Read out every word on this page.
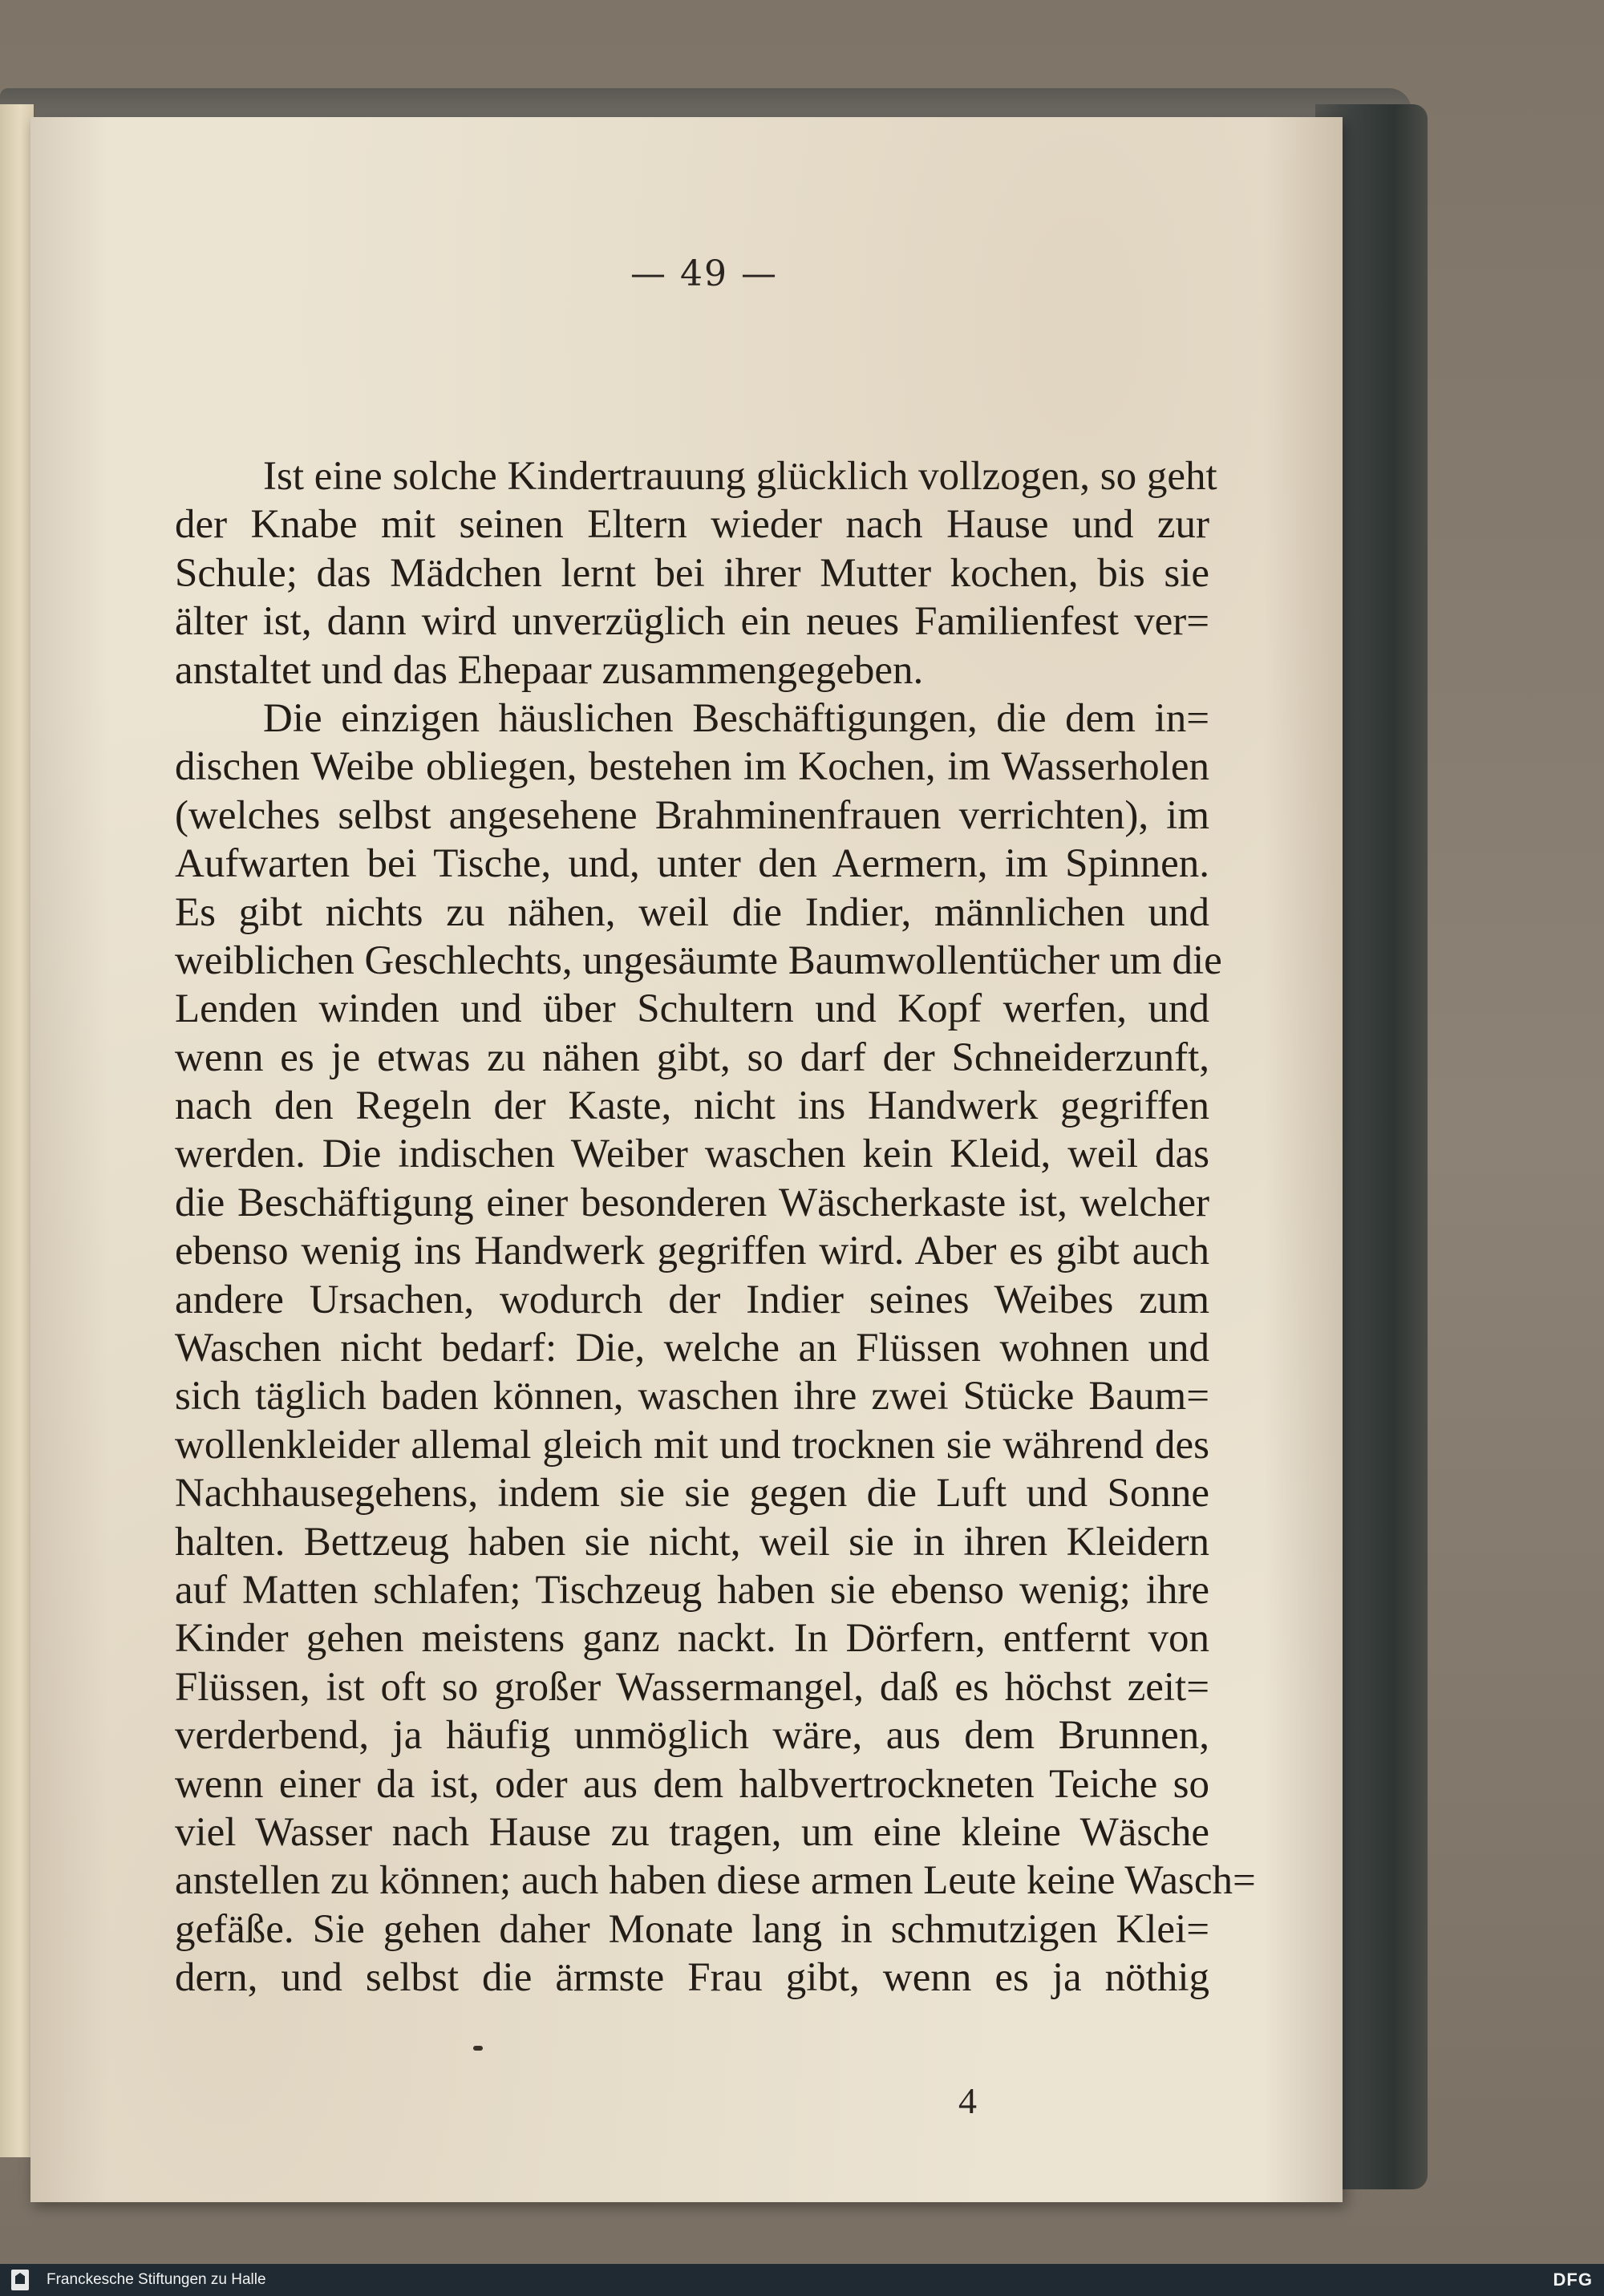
— 49 —
Ist eine solche Kindertrauung glücklich vollzogen, so geht
der Knabe mit seinen Eltern wieder nach Hause und zur
Schule; das Mädchen lernt bei ihrer Mutter kochen, bis sie
älter ist, dann wird unverzüglich ein neues Familienfest ver=
anstaltet und das Ehepaar zusammengegeben.
Die einzigen häuslichen Beschäftigungen, die dem in=
dischen Weibe obliegen, bestehen im Kochen, im Wasserholen
(welches selbst angesehene Brahminenfrauen verrichten), im
Aufwarten bei Tische, und, unter den Aermern, im Spinnen.
Es gibt nichts zu nähen, weil die Indier, männlichen und
weiblichen Geschlechts, ungesäumte Baumwollentücher um die
Lenden winden und über Schultern und Kopf werfen, und
wenn es je etwas zu nähen gibt, so darf der Schneiderzunft,
nach den Regeln der Kaste, nicht ins Handwerk gegriffen
werden. Die indischen Weiber waschen kein Kleid, weil das
die Beschäftigung einer besonderen Wäscherkaste ist, welcher
ebenso wenig ins Handwerk gegriffen wird. Aber es gibt auch
andere Ursachen, wodurch der Indier seines Weibes zum
Waschen nicht bedarf: Die, welche an Flüssen wohnen und
sich täglich baden können, waschen ihre zwei Stücke Baum=
wollenkleider allemal gleich mit und trocknen sie während des
Nachhausegehens, indem sie sie gegen die Luft und Sonne
halten. Bettzeug haben sie nicht, weil sie in ihren Kleidern
auf Matten schlafen; Tischzeug haben sie ebenso wenig; ihre
Kinder gehen meistens ganz nackt. In Dörfern, entfernt von
Flüssen, ist oft so großer Wassermangel, daß es höchst zeit=
verderbend, ja häufig unmöglich wäre, aus dem Brunnen,
wenn einer da ist, oder aus dem halbvertrockneten Teiche so
viel Wasser nach Hause zu tragen, um eine kleine Wäsche
anstellen zu können; auch haben diese armen Leute keine Wasch=
gefäße. Sie gehen daher Monate lang in schmutzigen Klei=
dern, und selbst die ärmste Frau gibt, wenn es ja nöthig
4
Franckesche Stiftungen zu Halle	DFG
